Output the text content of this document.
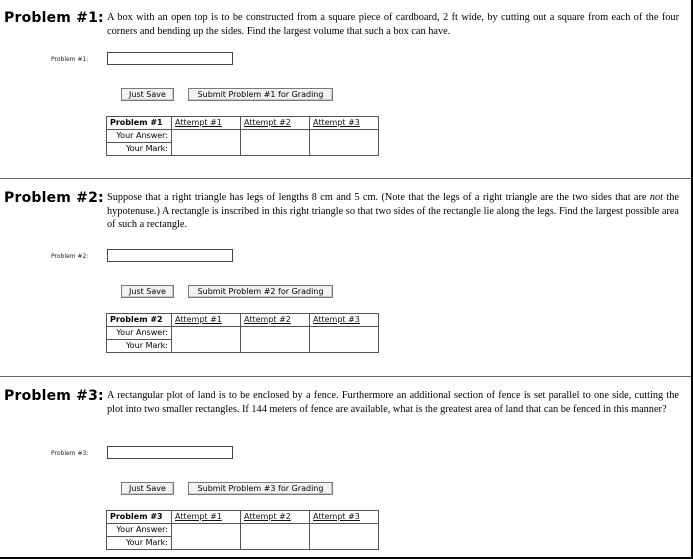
Problem #1: A box with an open top is to be constructed from a square piece of cardboard, 2 ft wide, by cutting out a square from each of the four corners and bending up the sides. Find the largest volume that such a box can have.
Problem #1:
Just Save	Submit Problem #1 for Grading
Problem #1	Attempt #1	Attempt #2	Attempt #3
Your Answer:			
Your Mark:			
Problem #2: Suppose that a right triangle has legs of lengths 8 cm and 5 cm. (Note that the legs of a right triangle are the two sides that are not the hypotenuse.) A rectangle is inscribed in this right triangle so that two sides of the rectangle lie along the legs. Find the largest possible area of such a rectangle.
Problem #2:
Just Save	Submit Problem #2 for Grading
Problem #2	Attempt #1	Attempt #2	Attempt #3
Your Answer:			
Your Mark:			
Problem #3: A rectangular plot of land is to be enclosed by a fence. Furthermore an additional section of fence is set parallel to one side, cutting the plot into two smaller rectangles. If 144 meters of fence are available, what is the greatest area of land that can be fenced in this manner?
Problem #3:
Just Save	Submit Problem #3 for Grading
Problem #3	Attempt #1	Attempt #2	Attempt #3
Your Answer:			
Your Mark:			
